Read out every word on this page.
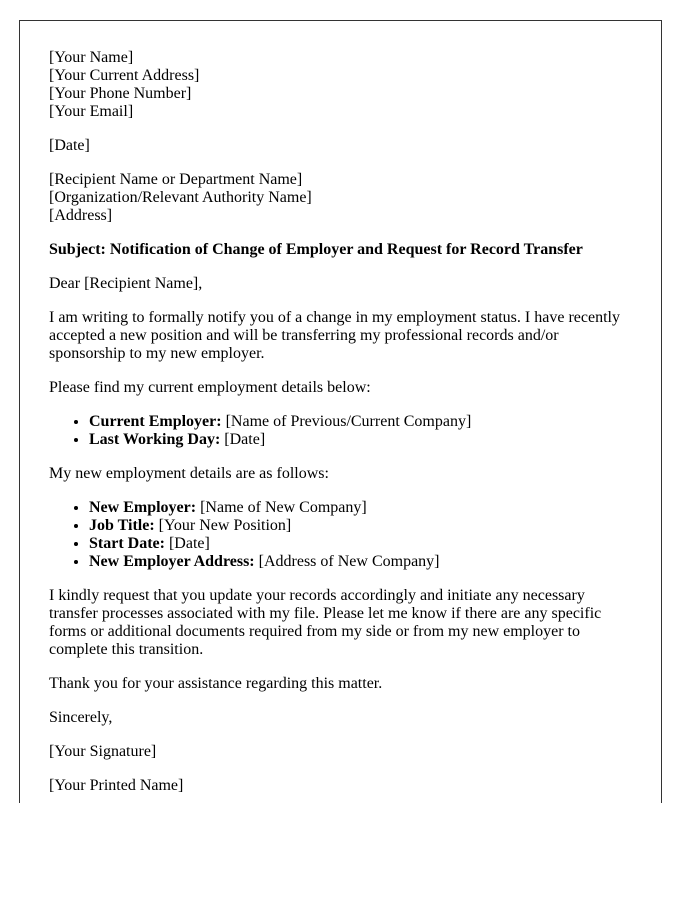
[Your Name]
[Your Current Address]
[Your Phone Number]
[Your Email]

[Date]

[Recipient Name or Department Name]
[Organization/Relevant Authority Name]
[Address]

Subject: Notification of Change of Employer and Request for Record Transfer

Dear [Recipient Name],

I am writing to formally notify you of a change in my employment status. I have recently accepted a new position and will be transferring my professional records and/or sponsorship to my new employer.

Please find my current employment details below:

• Current Employer: [Name of Previous/Current Company]
• Last Working Day: [Date]

My new employment details are as follows:

• New Employer: [Name of New Company]
• Job Title: [Your New Position]
• Start Date: [Date]
• New Employer Address: [Address of New Company]

I kindly request that you update your records accordingly and initiate any necessary transfer processes associated with my file. Please let me know if there are any specific forms or additional documents required from my side or from my new employer to complete this transition.

Thank you for your assistance regarding this matter.

Sincerely,

[Your Signature]

[Your Printed Name]
